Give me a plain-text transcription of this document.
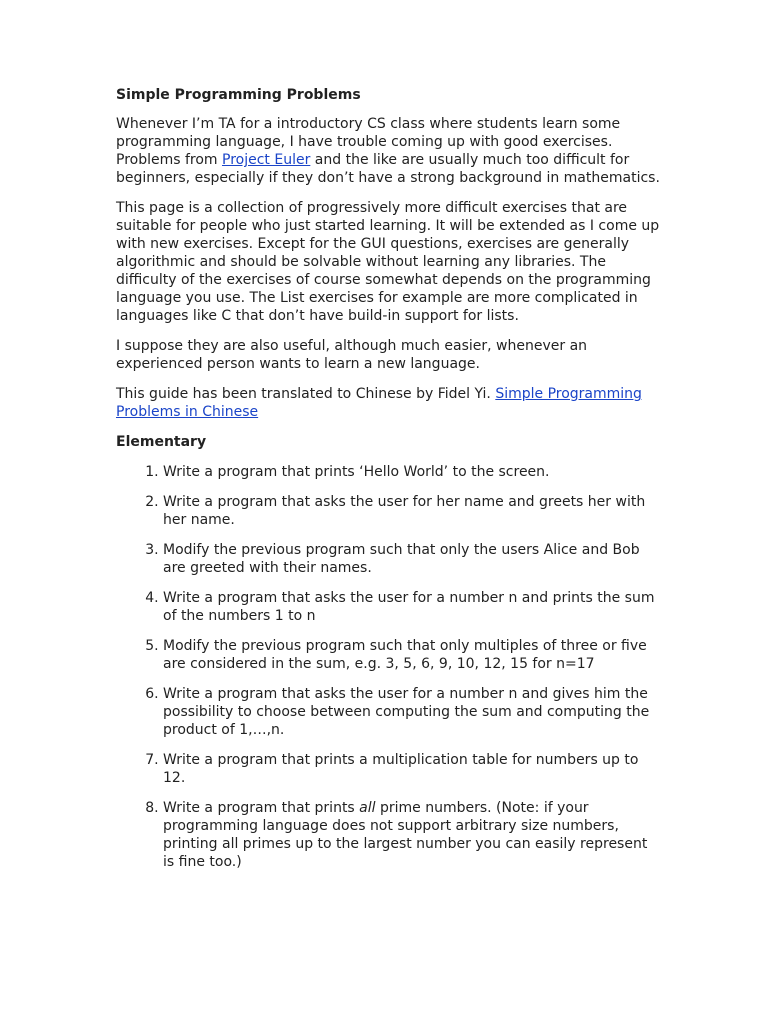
Simple Programming Problems

Whenever I’m TA for a introductory CS class where students learn some programming language, I have trouble coming up with good exercises. Problems from Project Euler and the like are usually much too difficult for beginners, especially if they don’t have a strong background in mathematics.

This page is a collection of progressively more difficult exercises that are suitable for people who just started learning. It will be extended as I come up with new exercises. Except for the GUI questions, exercises are generally algorithmic and should be solvable without learning any libraries. The difficulty of the exercises of course somewhat depends on the programming language you use. The List exercises for example are more complicated in languages like C that don’t have build-in support for lists.

I suppose they are also useful, although much easier, whenever an experienced person wants to learn a new language.

This guide has been translated to Chinese by Fidel Yi. Simple Programming Problems in Chinese

Elementary
1. Write a program that prints ‘Hello World’ to the screen.
2. Write a program that asks the user for her name and greets her with her name.
3. Modify the previous program such that only the users Alice and Bob are greeted with their names.
4. Write a program that asks the user for a number n and prints the sum of the numbers 1 to n
5. Modify the previous program such that only multiples of three or five are considered in the sum, e.g. 3, 5, 6, 9, 10, 12, 15 for n=17
6. Write a program that asks the user for a number n and gives him the possibility to choose between computing the sum and computing the product of 1,…,n.
7. Write a program that prints a multiplication table for numbers up to 12.
8. Write a program that prints all prime numbers. (Note: if your programming language does not support arbitrary size numbers, printing all primes up to the largest number you can easily represent is fine too.)
